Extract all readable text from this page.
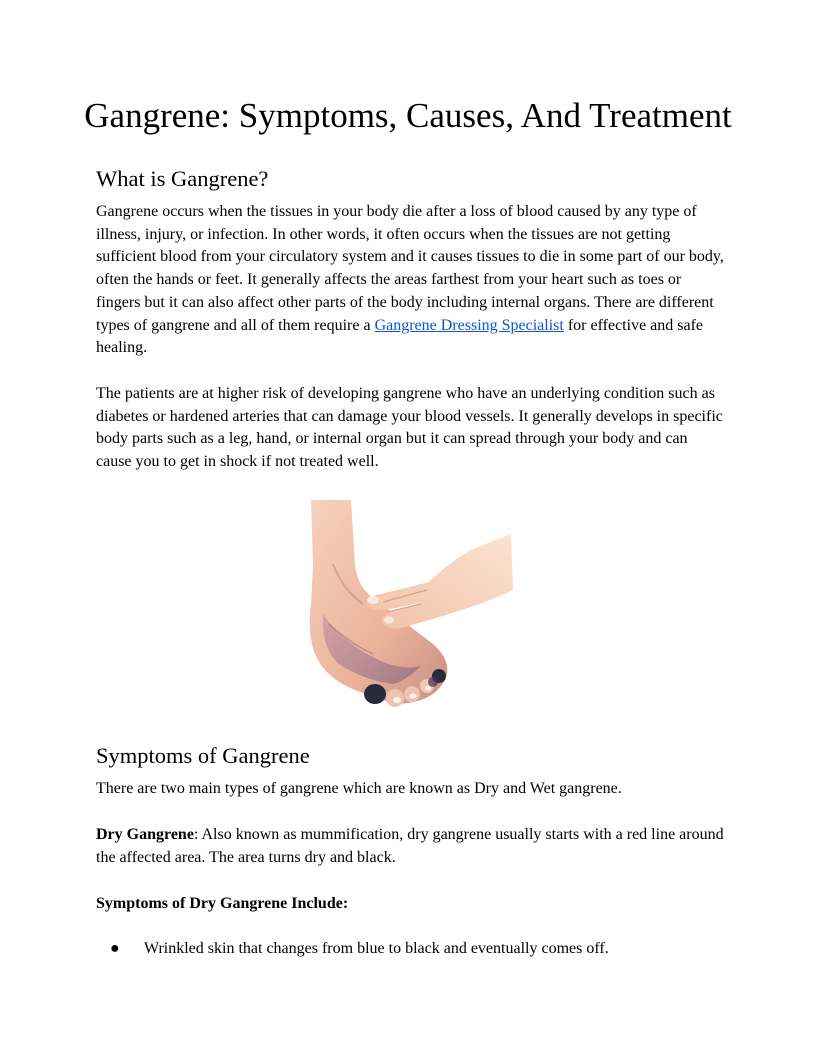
Gangrene: Symptoms, Causes, And Treatment
What is Gangrene?

Gangrene occurs when the tissues in your body die after a loss of blood caused by any type of illness, injury, or infection. In other words, it often occurs when the tissues are not getting sufficient blood from your circulatory system and it causes tissues to die in some part of our body, often the hands or feet. It generally affects the areas farthest from your heart such as toes or fingers but it can also affect other parts of the body including internal organs. There are different types of gangrene and all of them require a Gangrene Dressing Specialist for effective and safe healing.

The patients are at higher risk of developing gangrene who have an underlying condition such as diabetes or hardened arteries that can damage your blood vessels. It generally develops in specific body parts such as a leg, hand, or internal organ but it can spread through your body and can cause you to get in shock if not treated well.

Symptoms of Gangrene

There are two main types of gangrene which are known as Dry and Wet gangrene.

Dry Gangrene: Also known as mummification, dry gangrene usually starts with a red line around the affected area. The area turns dry and black.

Symptoms of Dry Gangrene Include:

● Wrinkled skin that changes from blue to black and eventually comes off.
